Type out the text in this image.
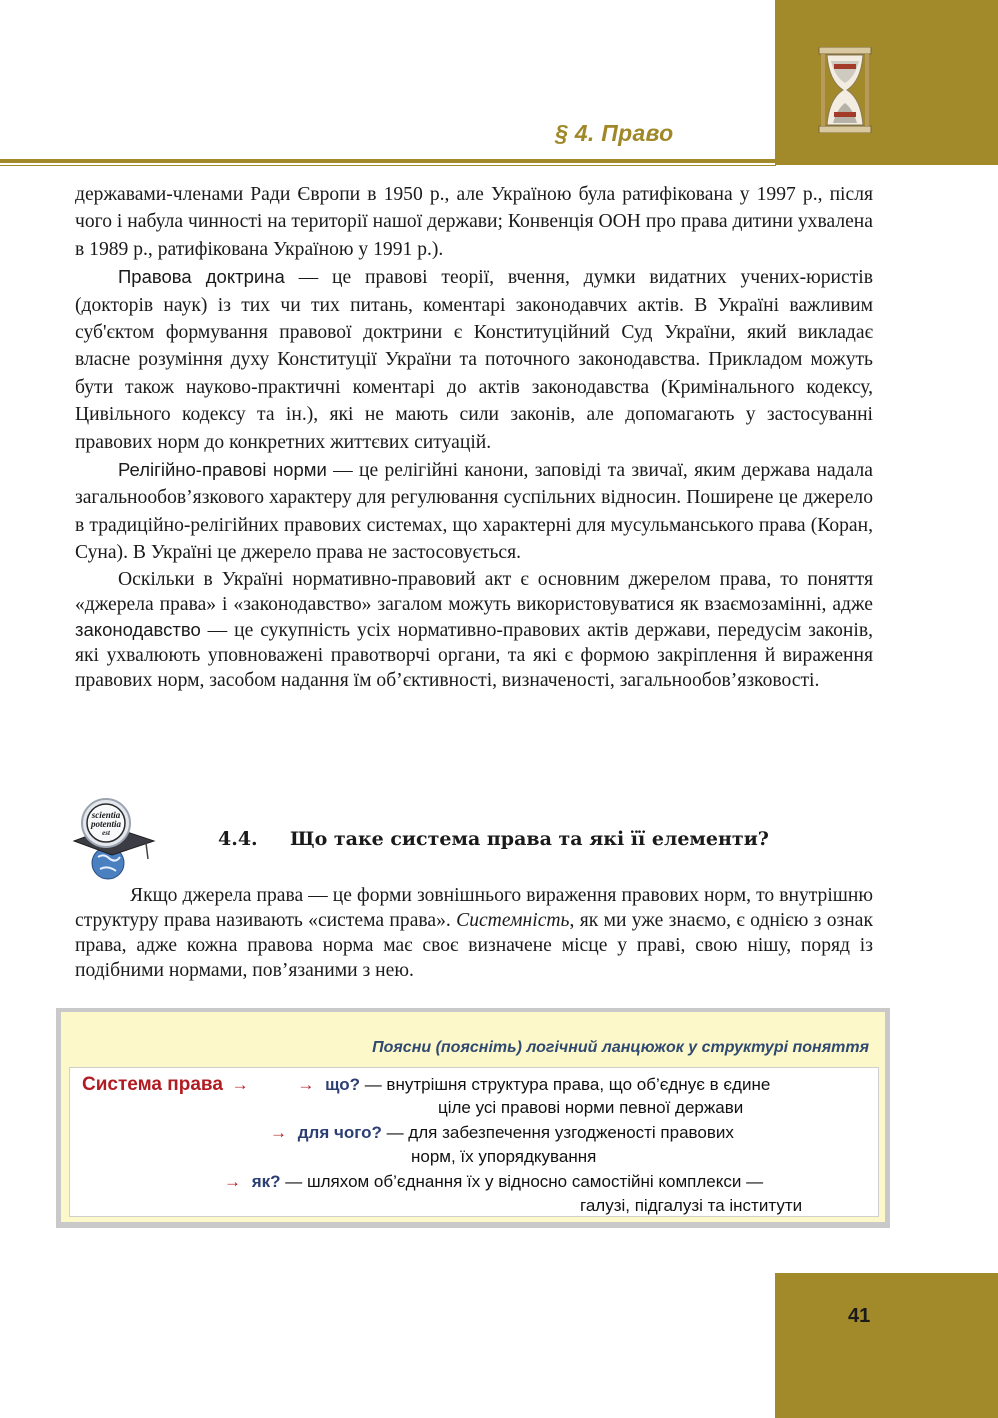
§ 4. Право

державами-членами Ради Європи в 1950 р., але Україною була ратифікована у 1997 р., після чого і набула чинності на території нашої держави; Конвенція ООН про права дитини ухвалена в 1989 р., ратифікована Україною у 1991 р.).

Правова доктрина — це правові теорії, вчення, думки видатних учених-юристів (докторів наук) із тих чи тих питань, коментарі законодавчих актів. В Україні важливим суб'єктом формування правової доктрини є Конституційний Суд України, який викладає власне розуміння духу Конституції України та поточного законодавства. Прикладом можуть бути також науково-практичні коментарі до актів законодавства (Кримінального кодексу, Цивільного кодексу та ін.), які не мають сили законів, але допомагають у застосуванні правових норм до конкретних життєвих ситуацій.

Релігійно-правові норми — це релігійні канони, заповіді та звичаї, яким держава надала загальнообов’язкового характеру для регулювання суспільних відносин. Поширене це джерело в традиційно-релігійних правових системах, що характерні для мусульманського права (Коран, Суна). В Україні це джерело права не застосовується.

Оскільки в Україні нормативно-правовий акт є основним джерелом права, то поняття «джерела права» і «законодавство» загалом можуть використовуватися як взаємозамінні, адже законодавство — це сукупність усіх нормативно-правових актів держави, передусім законів, які ухвалюють уповноважені правотворчі органи, та які є формою закріплення й вираження правових норм, засобом надання їм об’єктивності, визначеності, загальнообов’язковості.

scientia
potentia
est	4.4. Що таке система права та які її елементи?

Якщо джерела права — це форми зовнішнього вираження правових норм, то внутрішню структуру права називають «система права». Системність, як ми уже знаємо, є однією з ознак права, адже кожна правова норма має своє визначене місце у праві, свою нішу, поряд із подібними нормами, пов’язаними з нею.

Поясни (поясніть) логічний ланцюжок у структурі поняття
Система права →	→ що? — внутрішня структура права, що об’єднує в єдине
ціле усі правові норми певної держави
→ для чого? — для забезпечення узгодженості правових
норм, їх упорядкування
→ як? — шляхом об’єднання їх у відносно самостійні комплекси —
галузі, підгалузі та інститути
41
